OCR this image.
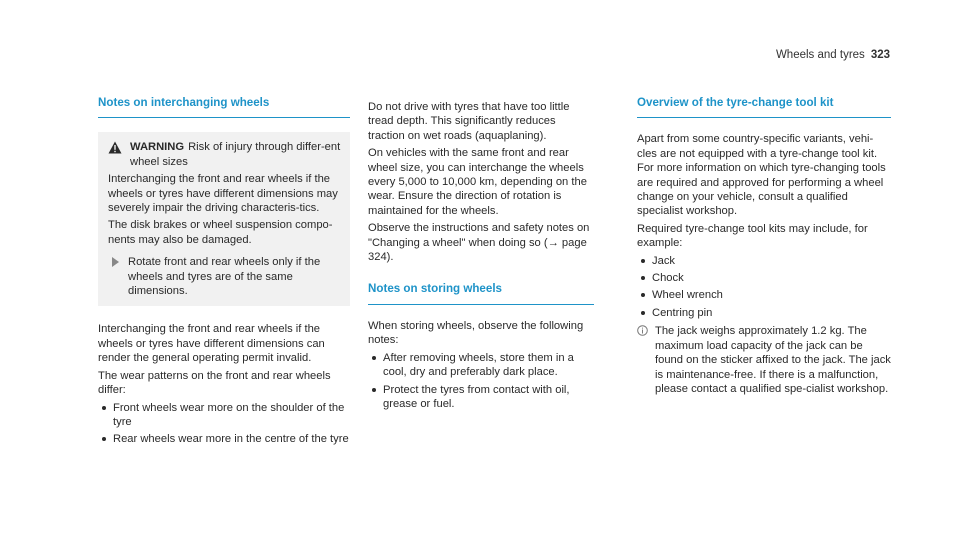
Wheels and tyres 323
Notes on interchanging wheels
WARNING Risk of injury through differ-ent wheel sizes

Interchanging the front and rear wheels if the wheels or tyres have different dimensions may severely impair the driving characteris-tics.

The disk brakes or wheel suspension compo-nents may also be damaged.

Rotate front and rear wheels only if the wheels and tyres are of the same dimensions.

Interchanging the front and rear wheels if the wheels or tyres have different dimensions can render the general operating permit invalid.

The wear patterns on the front and rear wheels differ:

Front wheels wear more on the shoulder of the tyre
Rear wheels wear more in the centre of the tyre

Do not drive with tyres that have too little tread depth. This significantly reduces traction on wet roads (aquaplaning).

On vehicles with the same front and rear wheel size, you can interchange the wheels every 5,000 to 10,000 km, depending on the wear. Ensure the direction of rotation is maintained for the wheels.

Observe the instructions and safety notes on "Changing a wheel" when doing so (→ page 324).

Notes on storing wheels

When storing wheels, observe the following notes:

After removing wheels, store them in a cool, dry and preferably dark place.
Protect the tyres from contact with oil, grease or fuel.
Overview of the tyre-change tool kit

Apart from some country-specific variants, vehi-cles are not equipped with a tyre-change tool kit. For more information on which tyre-changing tools are required and approved for performing a wheel change on your vehicle, consult a qualified specialist workshop.

Required tyre-change tool kits may include, for example:

Jack
Chock
Wheel wrench
Centring pin
The jack weighs approximately 1.2 kg. The maximum load capacity of the jack can be found on the sticker affixed to the jack. The jack is maintenance-free. If there is a malfunction, please contact a qualified spe-cialist workshop.
